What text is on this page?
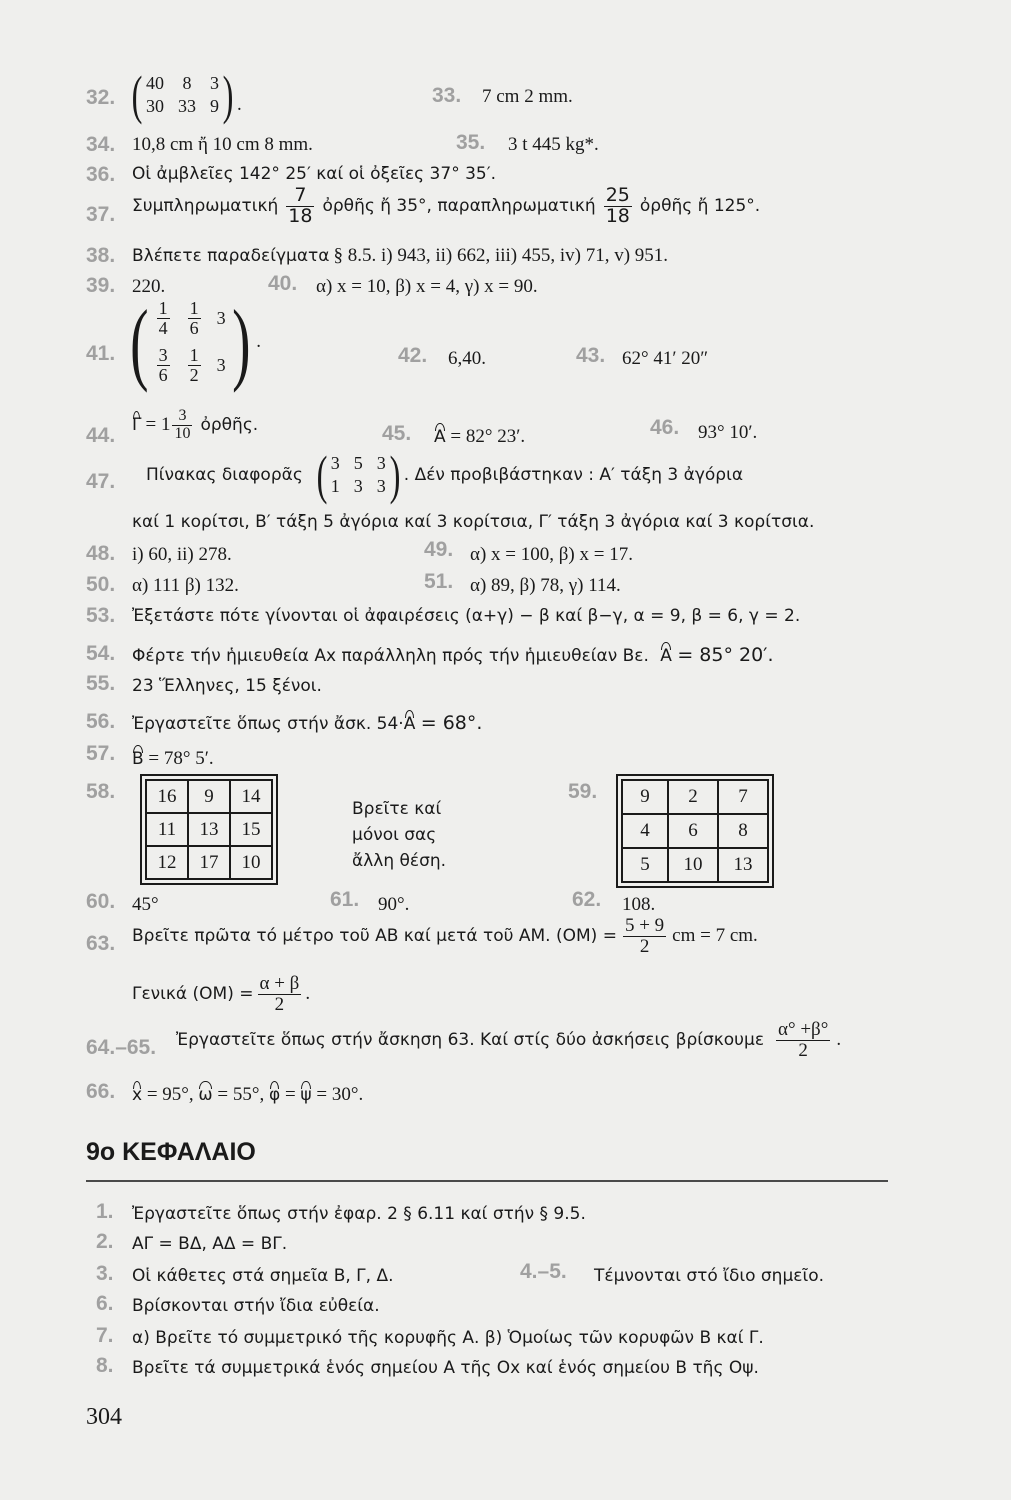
32. ( 40 8 3
30 33 9 ) .	33. 7 cm 2 mm.
34. 10,8 cm ἤ 10 cm 8 mm.	35. 3 t 445 kg*.
36. Οἱ ἀμβλεῖες 142° 25′ καί οἱ ὀξεῖες 37° 35′.
37. Συμπληρωματική $\frac{7}{18}$ ὀρθῆς ἤ 35°, παραπληρωματική $\frac{25}{18}$ ὀρθῆς ἤ 125°.
38. Βλέπετε παραδείγματα § 8.5. i) 943, ii) 662, iii) 455, iv) 71, v) 951.
39. 220.	40. α) x = 10, β) x = 4, γ) x = 90.
41. ( $\frac{1}{4} \frac{1}{6} 3$
$\frac{3}{6} \frac{1}{2} 3$ ) .
42. 6,40.	43. 62° 41′ 20″
44. $\Gamma = 1 \frac{3}{10}$ ὀρθῆς.	45. A = 82° 23′.	46. 93° 10′.
47. Πίνακας διαφορᾶς ( 3 5 3
1 3 3 ) . Δέν προβιβάστηκαν : Α′ τάξη 3 ἀγόρια
καί 1 κορίτσι, Β′ τάξη 5 ἀγόρια καί 3 κορίτσια, Γ′ τάξη 3 ἀγόρια καί 3 κορίτσια.
48. i) 60, ii) 278.	49. α) x = 100, β) x = 17.
50. α) 111 β) 132.	51. α) 89, β) 78, γ) 114.
53. Ἐξετάστε πότε γίνονται οἱ ἀφαιρέσεις (α+γ) − β καί β−γ, α = 9, β = 6, γ = 2.
54. Φέρτε τήν ἡμιευθεία Αx παράλληλη πρός τήν ἡμιευθείαν Βε. A = 85° 20′.
55. 23 Ἕλληνες, 15 ξένοι.
56. Ἐργαστεῖτε ὅπως στήν ἄσκ. 54·A = 68°.
57. B = 78° 5′.
58. 16	9	14
11	13	15
12	17	10
Βρεῖτε καί
μόνοι σας
ἄλλη θέση.
59. 9	2	7
4	6	8
5	10	13
60. 45°	61. 90°.	62. 108.
63. Βρεῖτε πρῶτα τό μέτρο τοῦ ΑΒ καί μετά τοῦ ΑΜ. $(OM) = \frac{5 + 9}{2}$ cm = 7 cm.
Γενικά $(OM) = \frac{\alpha + \beta}{2}$ .
64.–65. Ἐργαστεῖτε ὅπως στήν ἄσκηση 63. Καί στίς δύο ἀσκήσεις βρίσκουμε $\frac{\alpha^\circ +\beta^\circ}{2}$ .
66. x = 95°, ω = 55°, φ = ψ = 30°.
9ο ΚΕΦΑΛΑΙΟ
1. Ἐργαστεῖτε ὅπως στήν ἐφαρ. 2 § 6.11 καί στήν § 9.5.
2. ΑΓ = ΒΔ, ΑΔ = ΒΓ.
3. Οἱ κάθετες στά σημεῖα Β, Γ, Δ.	4.–5. Τέμνονται στό ἴδιο σημεῖο.
6. Βρίσκονται στήν ἴδια εὐθεία.
7. α) Βρεῖτε τό συμμετρικό τῆς κορυφῆς Α. β) Ὁμοίως τῶν κορυφῶν Β καί Γ.
8. Βρεῖτε τά συμμετρικά ἑνός σημείου Α τῆς Οx καί ἑνός σημείου Β τῆς Οψ.
304
